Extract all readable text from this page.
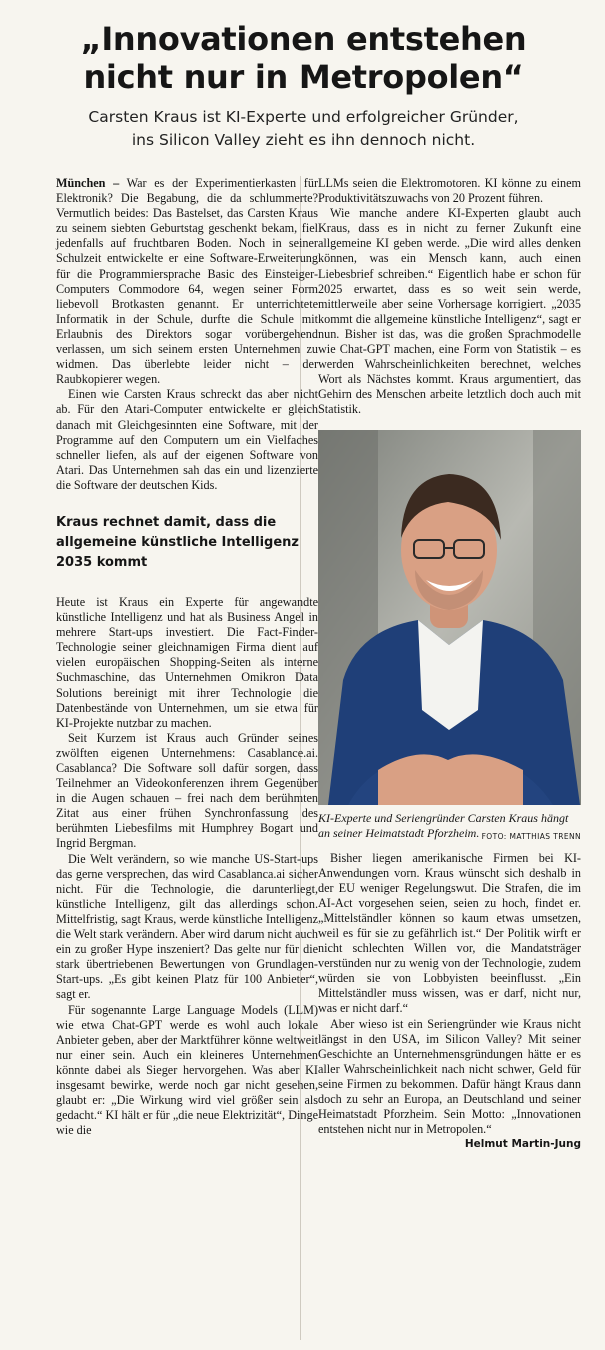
„Innovationen entstehen
nicht nur in Metropolen“

Carsten Kraus ist KI-Experte und erfolgreicher Gründer,
ins Silicon Valley zieht es ihn dennoch nicht.

München – War es der Experimentierkasten für Elektronik? Die Begabung, die da schlummerte? Vermutlich beides: Das Bastelset, das Carsten Kraus zu seinem siebten Geburtstag geschenkt bekam, fiel jedenfalls auf fruchtbaren Boden. Noch in seiner Schulzeit entwickelte er eine Software-Erweiterung für die Programmiersprache Basic des Einsteiger-Computers Commodore 64, wegen seiner Form liebevoll Brotkasten genannt. Er unterrichtete Informatik in der Schule, durfte die Schule mit Erlaubnis des Direktors sogar vorübergehend verlassen, um sich seinem ersten Unternehmen zu widmen. Das überlebte leider nicht – der Raubkopierer wegen.

Einen wie Carsten Kraus schreckt das aber nicht ab. Für den Atari-Computer entwickelte er gleich danach mit Gleichgesinnten eine Software, mit der Programme auf den Computern um ein Vielfaches schneller liefen, als auf der eigenen Software von Atari. Das Unternehmen sah das ein und lizenzierte die Software der deutschen Kids.

Kraus rechnet damit, dass die allgemeine künstliche Intelligenz 2035 kommt

Heute ist Kraus ein Experte für angewandte künstliche Intelligenz und hat als Business Angel in mehrere Start-ups investiert. Die Fact-Finder-Technologie seiner gleichnamigen Firma dient auf vielen europäischen Shopping-Seiten als interne Suchmaschine, das Unternehmen Omikron Data Solutions bereinigt mit ihrer Technologie die Datenbestände von Unternehmen, um sie etwa für KI-Projekte nutzbar zu machen.

Seit Kurzem ist Kraus auch Gründer seines zwölften eigenen Unternehmens: Casablance.ai. Casablanca? Die Software soll dafür sorgen, dass Teilnehmer an Videokonferenzen ihrem Gegenüber in die Augen schauen – frei nach dem berühmten Zitat aus einer frühen Synchronfassung des berühmten Liebesfilms mit Humphrey Bogart und Ingrid Bergman.

Die Welt verändern, so wie manche US-Start-ups das gerne versprechen, das wird Casablanca.ai sicher nicht. Für die Technologie, die darunterliegt, künstliche Intelligenz, gilt das allerdings schon. Mittelfristig, sagt Kraus, werde künstliche Intelligenz die Welt stark verändern. Aber wird darum nicht auch ein zu großer Hype inszeniert? Das gelte nur für die stark übertriebenen Bewertungen von Grundlagen-Start-ups. „Es gibt keinen Platz für 100 Anbieter“, sagt er.

Für sogenannte Large Language Models (LLM) wie etwa Chat-GPT werde es wohl auch lokale Anbieter geben, aber der Marktführer könne weltweit nur einer sein. Auch ein kleineres Unternehmen könnte dabei als Sieger hervorgehen. Was aber KI insgesamt bewirke, werde noch gar nicht gesehen, glaubt er: „Die Wirkung wird viel größer sein als gedacht.“ KI hält er für „die neue Elektrizität“, Dinge wie die

LLMs seien die Elektromotoren. KI könne zu einem Produktivitätszuwachs von 20 Prozent führen.

Wie manche andere KI-Experten glaubt auch Kraus, dass es in nicht zu ferner Zukunft eine allgemeine KI geben werde. „Die wird alles denken können, was ein Mensch kann, auch einen Liebesbrief schreiben.“ Eigentlich habe er schon für 2025 erwartet, dass es so weit sein werde, mittlerweile aber seine Vorhersage korrigiert. „2035 kommt die allgemeine künstliche Intelligenz“, sagt er nun. Bisher ist das, was die großen Sprachmodelle wie Chat-GPT machen, eine Form von Statistik – es werden Wahrscheinlichkeiten berechnet, welches Wort als Nächstes kommt. Kraus argumentiert, das Gehirn des Menschen arbeite letztlich doch auch mit Statistik.

KI-Experte und Seriengründer Carsten Kraus hängt an seiner Heimatstadt Pforzheim. FOTO: MATTHIAS TRENN

Bisher liegen amerikanische Firmen bei KI-Anwendungen vorn. Kraus wünscht sich deshalb in der EU weniger Regelungswut. Die Strafen, die im AI-Act vorgesehen seien, seien zu hoch, findet er. „Mittelständler können so kaum etwas umsetzen, weil es für sie zu gefährlich ist.“ Der Politik wirft er nicht schlechten Willen vor, die Mandatsträger verstünden nur zu wenig von der Technologie, zudem würden sie von Lobbyisten beeinflusst. „Ein Mittelständler muss wissen, was er darf, nicht nur, was er nicht darf.“

Aber wieso ist ein Seriengründer wie Kraus nicht längst in den USA, im Silicon Valley? Mit seiner Geschichte an Unternehmensgründungen hätte er es aller Wahrscheinlichkeit nach nicht schwer, Geld für seine Firmen zu bekommen. Dafür hängt Kraus dann doch zu sehr an Europa, an Deutschland und seiner Heimatstadt Pforzheim. Sein Motto: „Innovationen entstehen nicht nur in Metropolen.“

Helmut Martin-Jung
